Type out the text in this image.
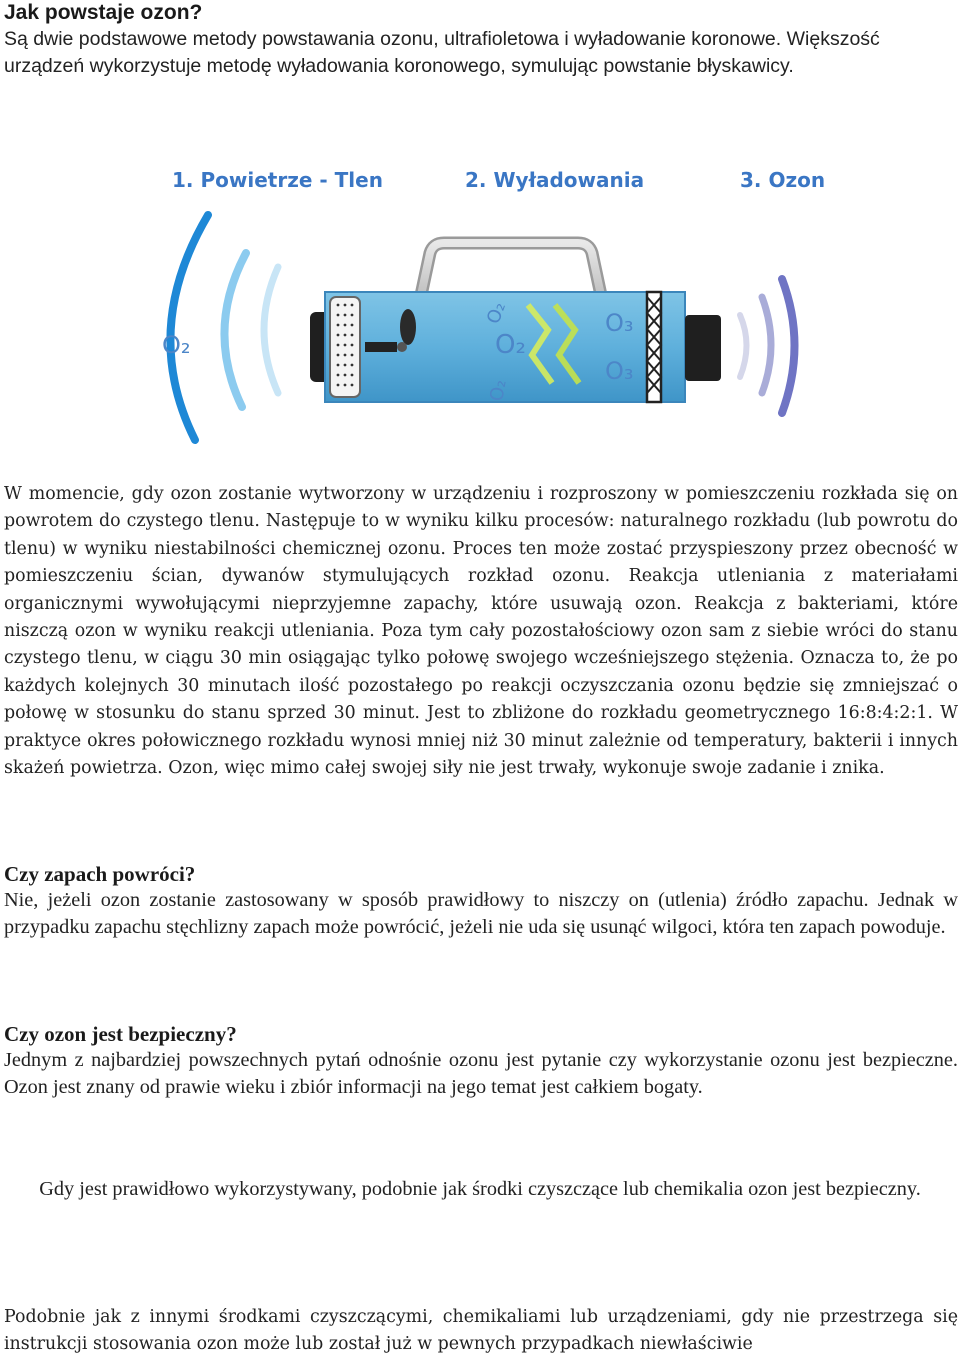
Jak powstaje ozon?

Są dwie podstawowe metody powstawania ozonu, ultrafioletowa i wyładowanie koronowe. Większość urządzeń wykorzystuje metodę wyładowania koronowego, symulując powstanie błyskawicy.

1. Powietrze - Tlen	2. Wyładowania	3. Ozon
O₂
O₂
O₂
O₂
O₃
O₃

W momencie, gdy ozon zostanie wytworzony w urządzeniu i rozproszony w pomieszczeniu rozkłada się on powrotem do czystego tlenu. Następuje to w wyniku kilku procesów: naturalnego rozkładu (lub powrotu do tlenu) w wyniku niestabilności chemicznej ozonu. Proces ten może zostać przyspieszony przez obecność w pomieszczeniu ścian, dywanów stymulujących rozkład ozonu. Reakcja utleniania z materiałami organicznymi wywołującymi nieprzyjemne zapachy, które usuwają ozon. Reakcja z bakteriami, które niszczą ozon w wyniku reakcji utleniania. Poza tym cały pozostałościowy ozon sam z siebie wróci do stanu czystego tlenu, w ciągu 30 min osiągając tylko połowę swojego wcześniejszego stężenia. Oznacza to, że po każdych kolejnych 30 minutach ilość pozostałego po reakcji oczyszczania ozonu będzie się zmniejszać o połowę w stosunku do stanu sprzed 30 minut. Jest to zbliżone do rozkładu geometrycznego 16:8:4:2:1. W praktyce okres połowicznego rozkładu wynosi mniej niż 30 minut zależnie od temperatury, bakterii i innych skażeń powietrza. Ozon, więc mimo całej swojej siły nie jest trwały, wykonuje swoje zadanie i znika.

Czy zapach powróci?

Nie, jeżeli ozon zostanie zastosowany w sposób prawidłowy to niszczy on (utlenia) źródło zapachu. Jednak w przypadku zapachu stęchlizny zapach może powrócić, jeżeli nie uda się usunąć wilgoci, która ten zapach powoduje.

Czy ozon jest bezpieczny?

Jednym z najbardziej powszechnych pytań odnośnie ozonu jest pytanie czy wykorzystanie ozonu jest bezpieczne. Ozon jest znany od prawie wieku i zbiór informacji na jego temat jest całkiem bogaty.

Gdy jest prawidłowo wykorzystywany, podobnie jak środki czyszczące lub chemikalia ozon jest bezpieczny.

Podobnie jak z innymi środkami czyszczącymi, chemikaliami lub urządzeniami, gdy nie przestrzega się instrukcji stosowania ozon może lub został już w pewnych przypadkach niewłaściwie
